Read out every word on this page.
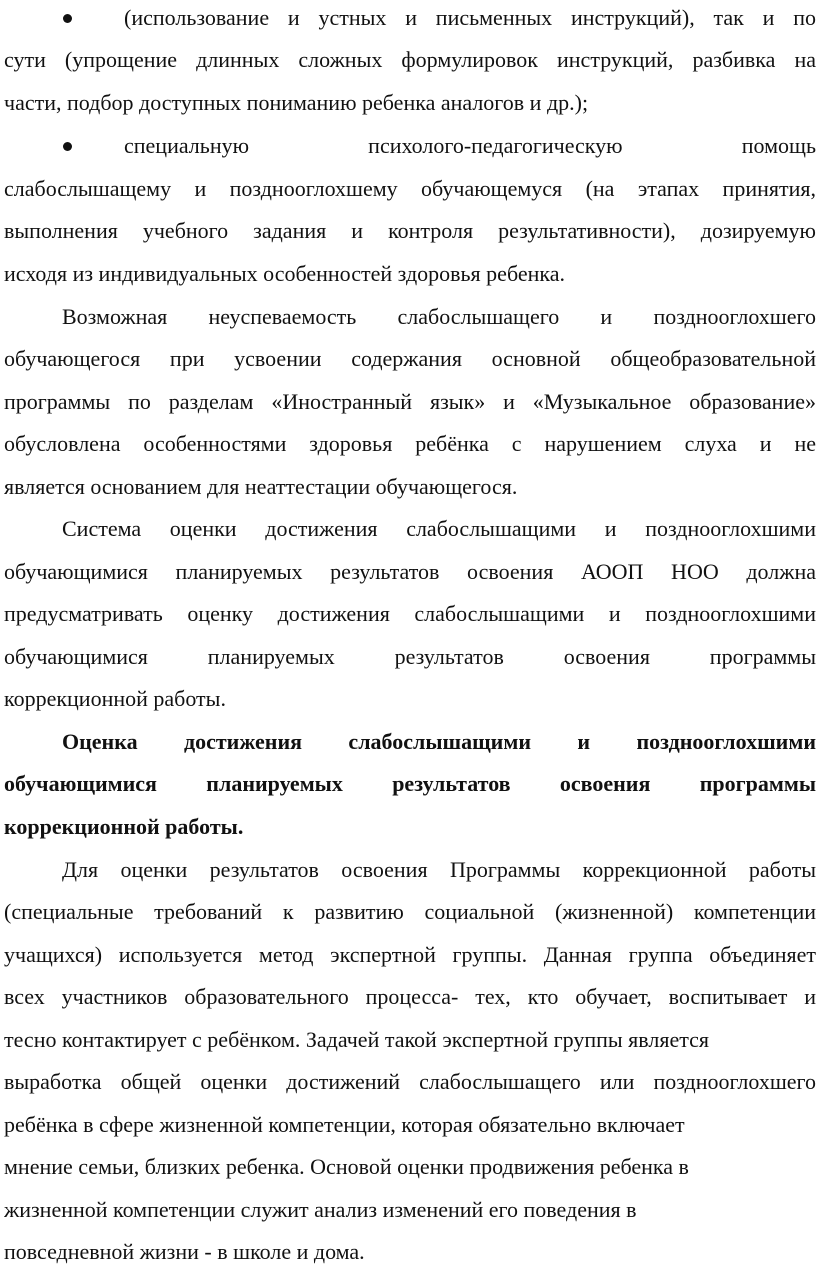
(использование и устных и письменных инструкций), так и по
сути (упрощение длинных сложных формулировок инструкций, разбивка на
части, подбор доступных пониманию ребенка аналогов и др.);
специальную психолого-педагогическую помощь
слабослышащему и позднооглохшему обучающемуся (на этапах принятия,
выполнения учебного задания и контроля результативности), дозируемую
исходя из индивидуальных особенностей здоровья ребенка.
Возможная неуспеваемость слабослышащего и позднооглохшего
обучающегося при усвоении содержания основной общеобразовательной
программы по разделам «Иностранный язык» и «Музыкальное образование»
обусловлена особенностями здоровья ребёнка с нарушением слуха и не
является основанием для неаттестации обучающегося.
Система оценки достижения слабослышащими и позднооглохшими
обучающимися планируемых результатов освоения АООП НОО должна
предусматривать оценку достижения слабослышащими и позднооглохшими
обучающимися планируемых результатов освоения программы
коррекционной работы.
Оценка достижения слабослышащими и позднооглохшими
обучающимися планируемых результатов освоения программы
коррекционной работы.
Для оценки результатов освоения Программы коррекционной работы
(специальные требований к развитию социальной (жизненной) компетенции
учащихся) используется метод экспертной группы. Данная группа объединяет
всех участников образовательного процесса- тех, кто обучает, воспитывает и
тесно контактирует с ребёнком. Задачей такой экспертной группы является
выработка общей оценки достижений слабослышащего или позднооглохшего
ребёнка в сфере жизненной компетенции, которая обязательно включает
мнение семьи, близких ребенка. Основой оценки продвижения ребенка в
жизненной компетенции служит анализ изменений его поведения в
повседневной жизни - в школе и дома.
